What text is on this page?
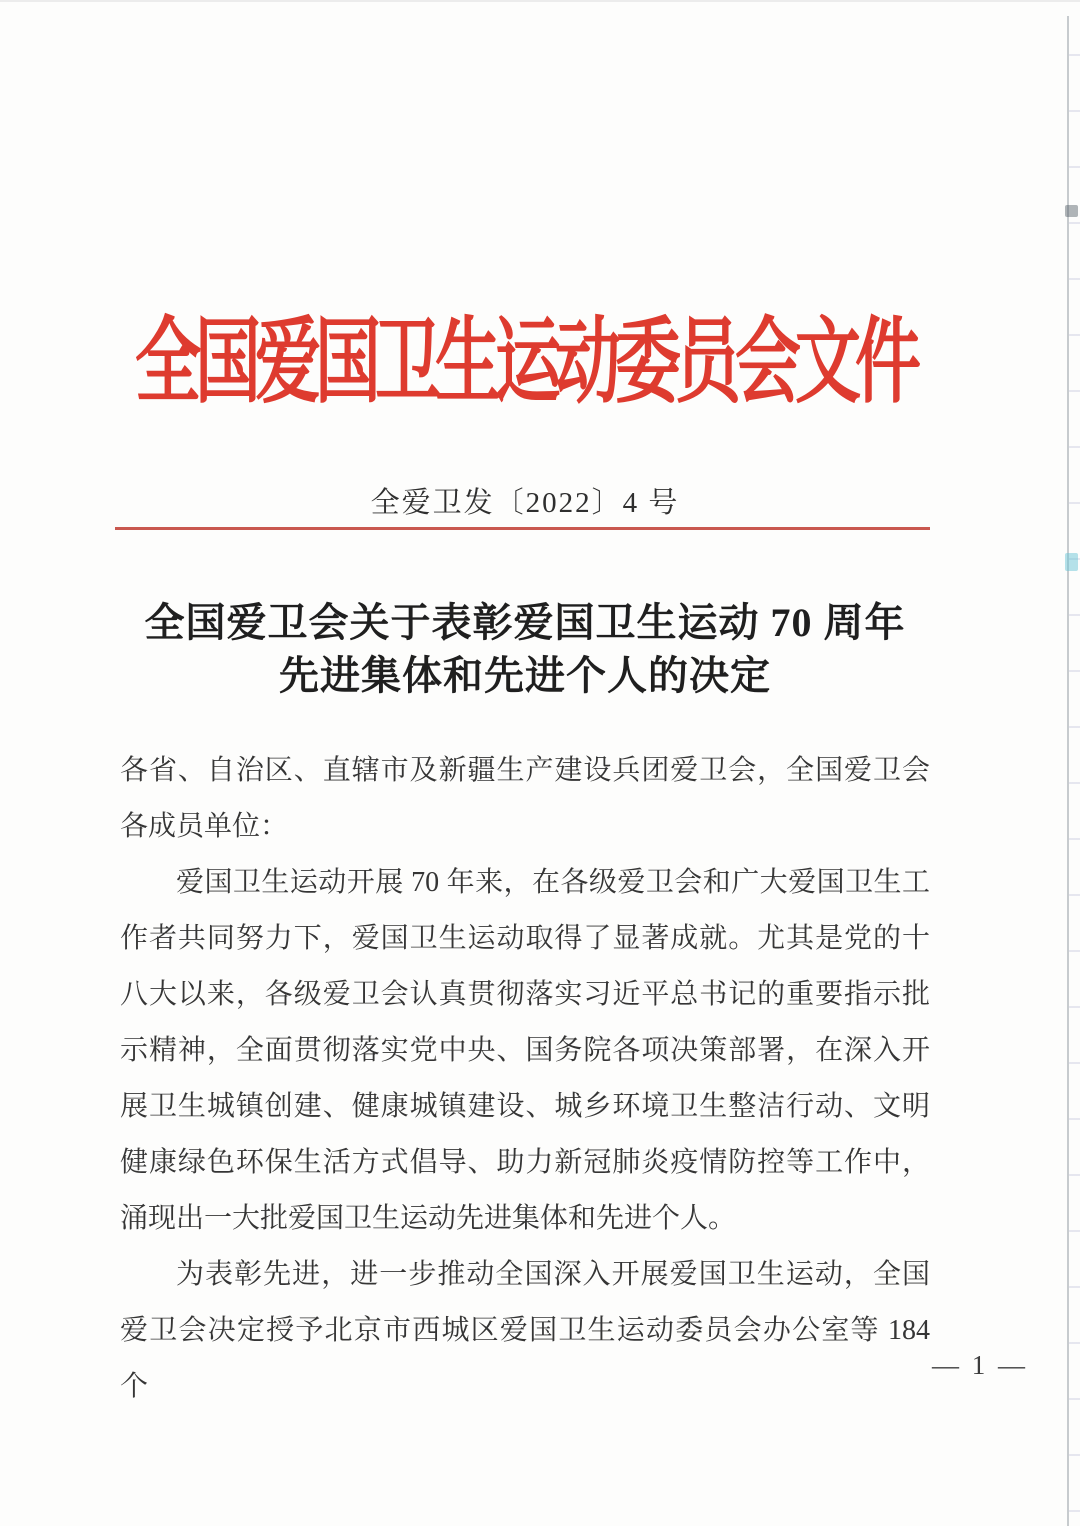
全国爱国卫生运动委员会文件
全爱卫发〔2022〕4 号
全国爱卫会关于表彰爱国卫生运动 70 周年
先进集体和先进个人的决定

各省、自治区、直辖市及新疆生产建设兵团爱卫会，全国爱卫会各成员单位：

爱国卫生运动开展 70 年来，在各级爱卫会和广大爱国卫生工作者共同努力下，爱国卫生运动取得了显著成就。尤其是党的十八大以来，各级爱卫会认真贯彻落实习近平总书记的重要指示批示精神，全面贯彻落实党中央、国务院各项决策部署，在深入开展卫生城镇创建、健康城镇建设、城乡环境卫生整洁行动、文明健康绿色环保生活方式倡导、助力新冠肺炎疫情防控等工作中，涌现出一大批爱国卫生运动先进集体和先进个人。

为表彰先进，进一步推动全国深入开展爱国卫生运动，全国爱卫会决定授予北京市西城区爱国卫生运动委员会办公室等 184 个

— 1 —
